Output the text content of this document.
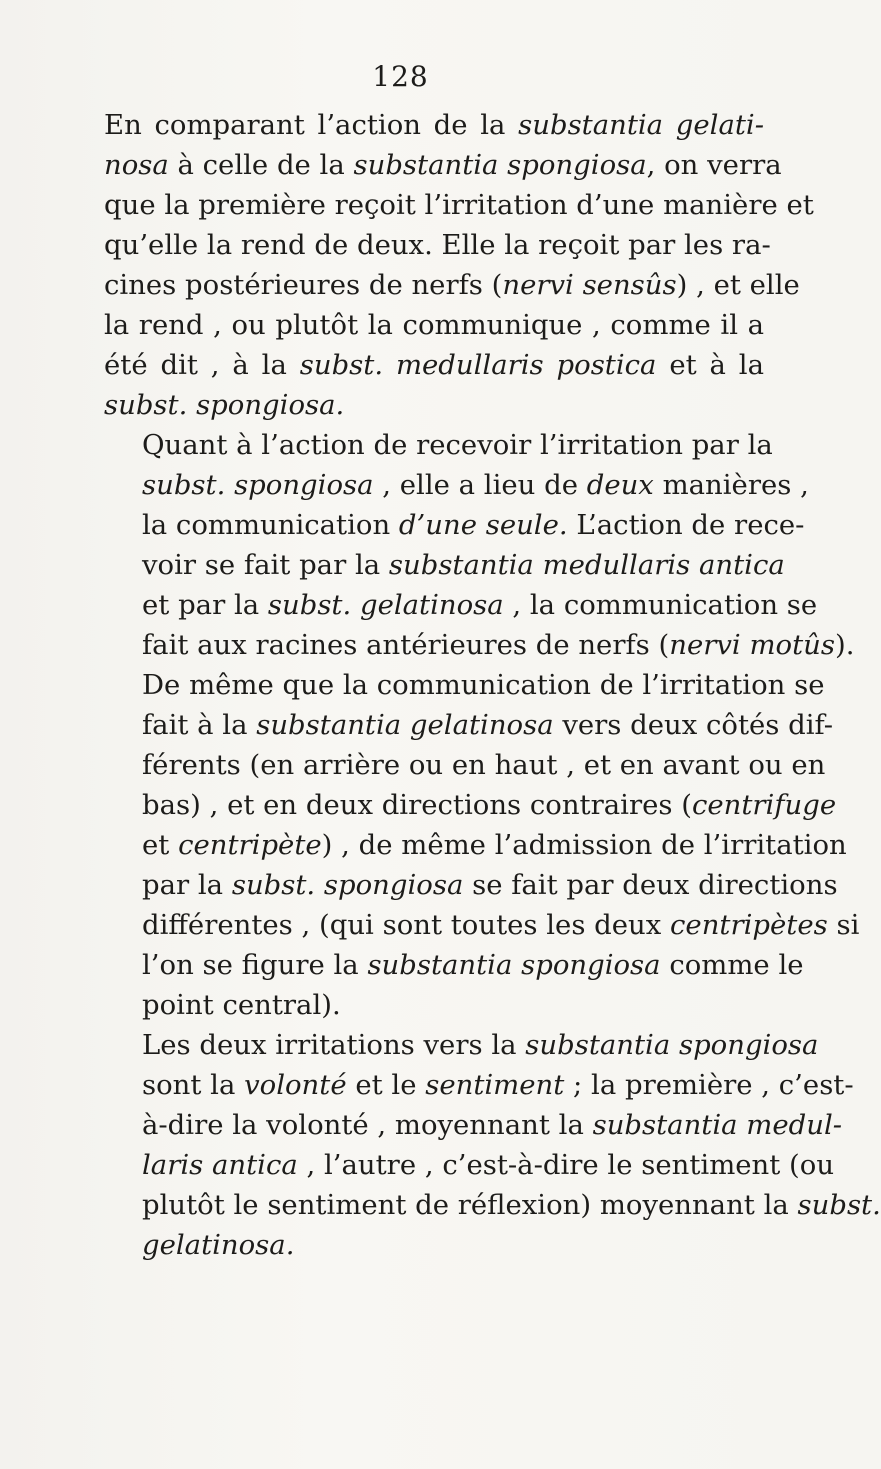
128

En comparant l’action de la substantia gelati-
nosa à celle de la substantia spongiosa, on verra
que la première reçoit l’irritation d’une manière et
qu’elle la rend de deux. Elle la reçoit par les ra-
cines postérieures de nerfs (nervi sensûs) , et elle
la rend , ou plutôt la communique , comme il a
été dit , à la subst. medullaris postica et à la
subst. spongiosa.

Quant à l’action de recevoir l’irritation par la
subst. spongiosa , elle a lieu de deux manières ,
la communication d’une seule. L’action de rece-
voir se fait par la substantia medullaris antica
et par la subst. gelatinosa , la communication se
fait aux racines antérieures de nerfs (nervi motûs).

De même que la communication de l’irritation se
fait à la substantia gelatinosa vers deux côtés dif-
férents (en arrière ou en haut , et en avant ou en
bas) , et en deux directions contraires (centrifuge
et centripète) , de même l’admission de l’irritation
par la subst. spongiosa se fait par deux directions
différentes , (qui sont toutes les deux centripètes si
l’on se figure la substantia spongiosa comme le
point central).

Les deux irritations vers la substantia spongiosa
sont la volonté et le sentiment ; la première , c’est-
à-dire la volonté , moyennant la substantia medul-
laris antica , l’autre , c’est-à-dire le sentiment (ou
plutôt le sentiment de réflexion) moyennant la subst.
gelatinosa.
